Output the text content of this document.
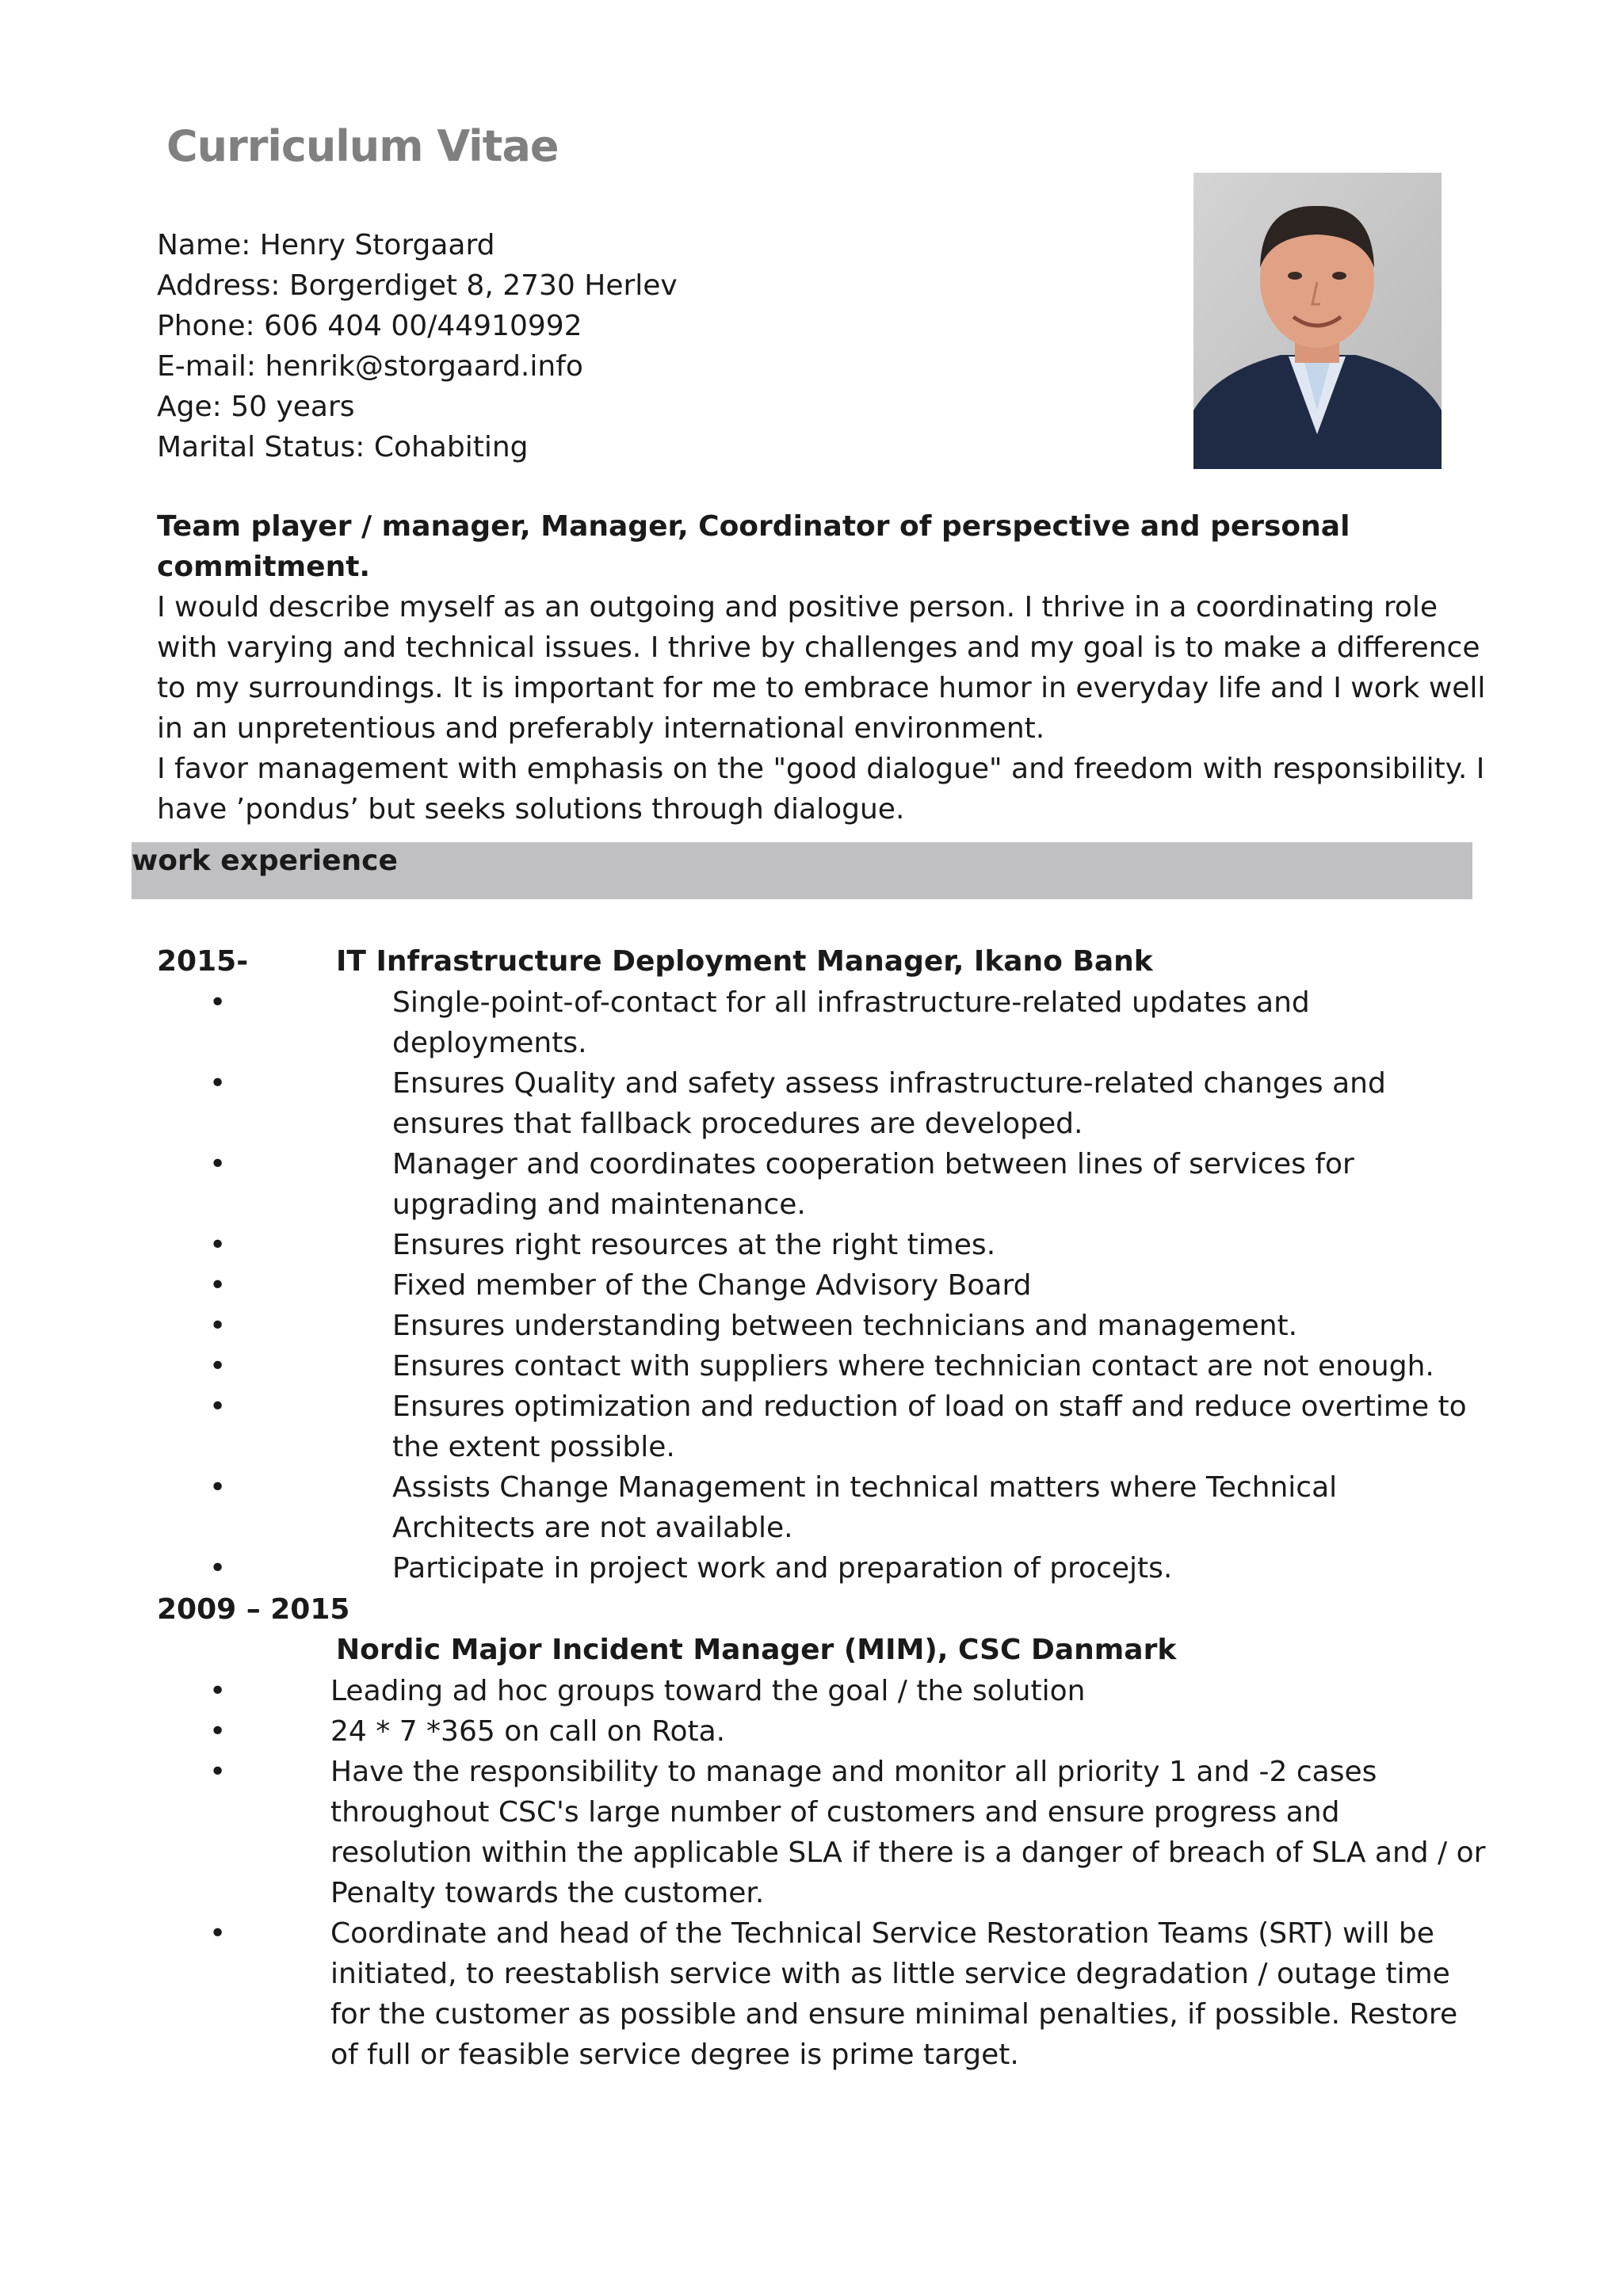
Curriculum Vitae
Name: Henry Storgaard
Address: Borgerdiget 8, 2730 Herlev
Phone: 606 404 00/44910992
E-mail: henrik@storgaard.info
Age: 50 years
Marital Status: Cohabiting
Team player / manager, Manager, Coordinator of perspective and personal commitment.

I would describe myself as an outgoing and positive person. I thrive in a coordinating role with varying and technical issues. I thrive by challenges and my goal is to make a difference to my surroundings. It is important for me to embrace humor in everyday life and I work well in an unpretentious and preferably international environment.

I favor management with emphasis on the "good dialogue" and freedom with responsibility. I have ’pondus’ but seeks solutions through dialogue.

work experience
2015-	IT Infrastructure Deployment Manager, Ikano Bank
•	Single-point-of-contact for all infrastructure-related updates and deployments.
•	Ensures Quality and safety assess infrastructure-related changes and ensures that fallback procedures are developed.
•	Manager and coordinates cooperation between lines of services for upgrading and maintenance.
•	Ensures right resources at the right times.
•	Fixed member of the Change Advisory Board
•	Ensures understanding between technicians and management.
•	Ensures contact with suppliers where technician contact are not enough.
•	Ensures optimization and reduction of load on staff and reduce overtime to the extent possible.
•	Assists Change Management in technical matters where Technical Architects are not available.
•	Participate in project work and preparation of procejts.
2009 – 2015
Nordic Major Incident Manager (MIM), CSC Danmark
•	Leading ad hoc groups toward the goal / the solution
•	24 * 7 *365 on call on Rota.
•	Have the responsibility to manage and monitor all priority 1 and -2 cases throughout CSC's large number of customers and ensure progress and resolution within the applicable SLA if there is a danger of breach of SLA and / or Penalty towards the customer.
•	Coordinate and head of the Technical Service Restoration Teams (SRT) will be initiated, to reestablish service with as little service degradation / outage time for the customer as possible and ensure minimal penalties, if possible. Restore of full or feasible service degree is prime target.
